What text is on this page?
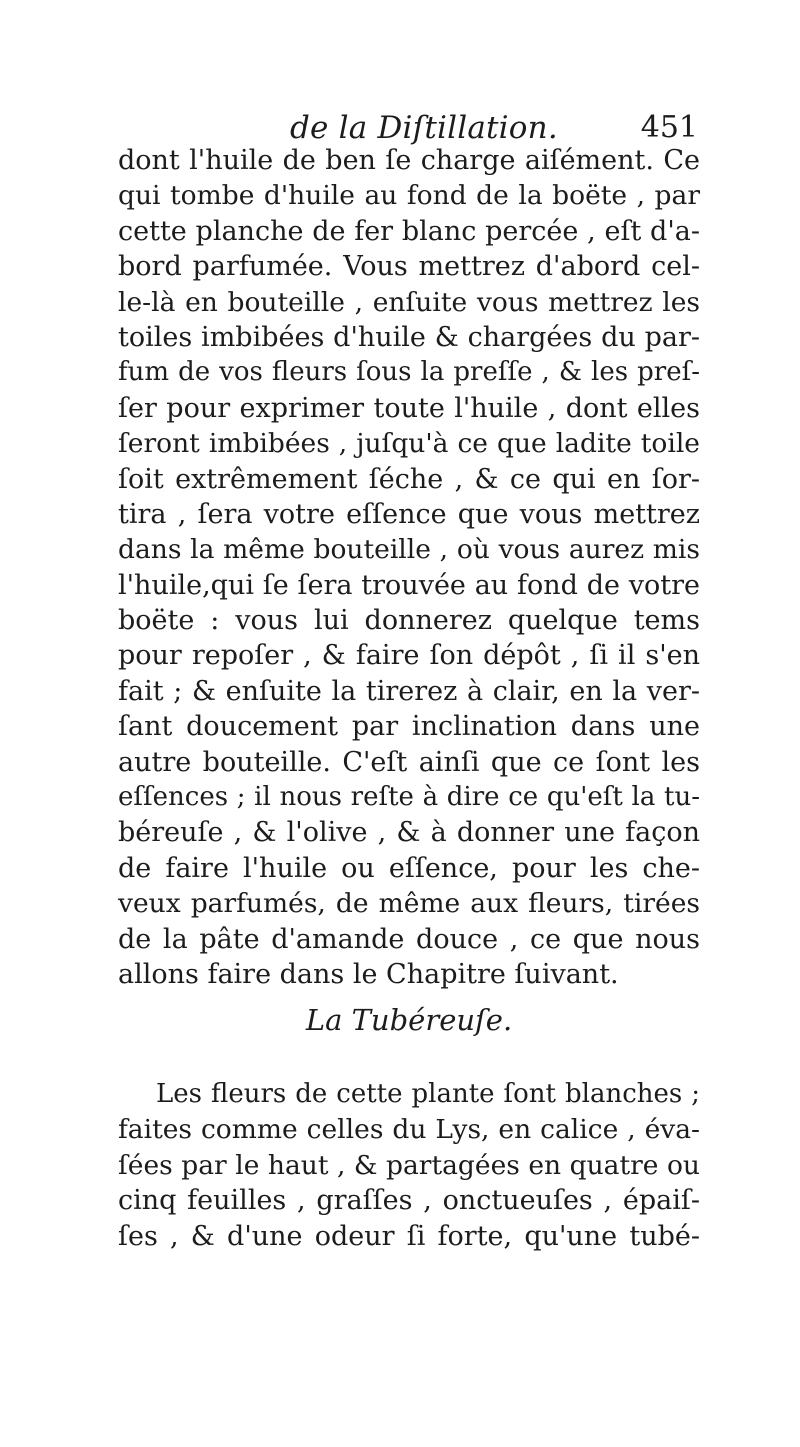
de la Diſtillation.	451
dont l'huile de ben ſe charge aiſément. Ce
qui tombe d'huile au fond de la boëte , par
cette planche de fer blanc percée , eſt d'a-
bord parfumée. Vous mettrez d'abord cel-
le-là en bouteille , enſuite vous mettrez les
toiles imbibées d'huile & chargées du par-
fum de vos fleurs ſous la preſſe , & les preſ-
ſer pour exprimer toute l'huile , dont elles
ſeront imbibées , juſqu'à ce que ladite toile
ſoit extrêmement ſéche , & ce qui en ſor-
tira , ſera votre eſſence que vous mettrez
dans la même bouteille , où vous aurez mis
l'huile,qui ſe ſera trouvée au fond de votre
boëte : vous lui donnerez quelque tems
pour repoſer , & faire ſon dépôt , ſi il s'en
fait ; & enſuite la tirerez à clair, en la ver-
ſant doucement par inclination dans une
autre bouteille. C'eſt ainſi que ce ſont les
eſſences ; il nous reſte à dire ce qu'eſt la tu-
béreuſe , & l'olive , & à donner une façon
de faire l'huile ou eſſence, pour les che-
veux parfumés, de même aux fleurs, tirées
de la pâte d'amande douce , ce que nous
allons faire dans le Chapitre ſuivant.
La Tubéreuſe.
Les fleurs de cette plante ſont blanches ;
faites comme celles du Lys, en calice , éva-
ſées par le haut , & partagées en quatre ou
cinq feuilles , graſſes , onctueuſes , épaiſ-
ſes , & d'une odeur ſi forte, qu'une tubé-
